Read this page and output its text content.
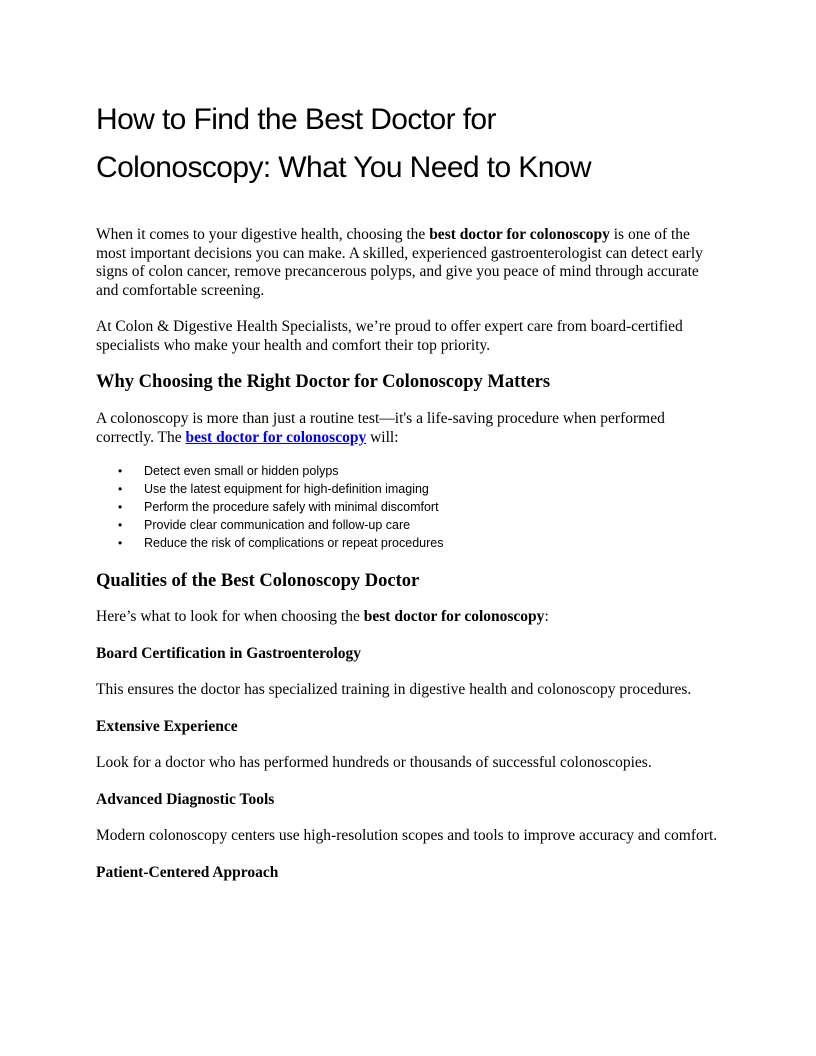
How to Find the Best Doctor for
Colonoscopy: What You Need to Know

When it comes to your digestive health, choosing the best doctor for colonoscopy is one of the most important decisions you can make. A skilled, experienced gastroenterologist can detect early signs of colon cancer, remove precancerous polyps, and give you peace of mind through accurate and comfortable screening.

At Colon & Digestive Health Specialists, we’re proud to offer expert care from board-certified specialists who make your health and comfort their top priority.

Why Choosing the Right Doctor for Colonoscopy Matters

A colonoscopy is more than just a routine test—it's a life-saving procedure when performed correctly. The best doctor for colonoscopy will:

• Detect even small or hidden polyps
• Use the latest equipment for high-definition imaging
• Perform the procedure safely with minimal discomfort
• Provide clear communication and follow-up care
• Reduce the risk of complications or repeat procedures
Qualities of the Best Colonoscopy Doctor

Here’s what to look for when choosing the best doctor for colonoscopy:

Board Certification in Gastroenterology

This ensures the doctor has specialized training in digestive health and colonoscopy procedures.

Extensive Experience

Look for a doctor who has performed hundreds or thousands of successful colonoscopies.

Advanced Diagnostic Tools

Modern colonoscopy centers use high-resolution scopes and tools to improve accuracy and comfort.

Patient-Centered Approach
